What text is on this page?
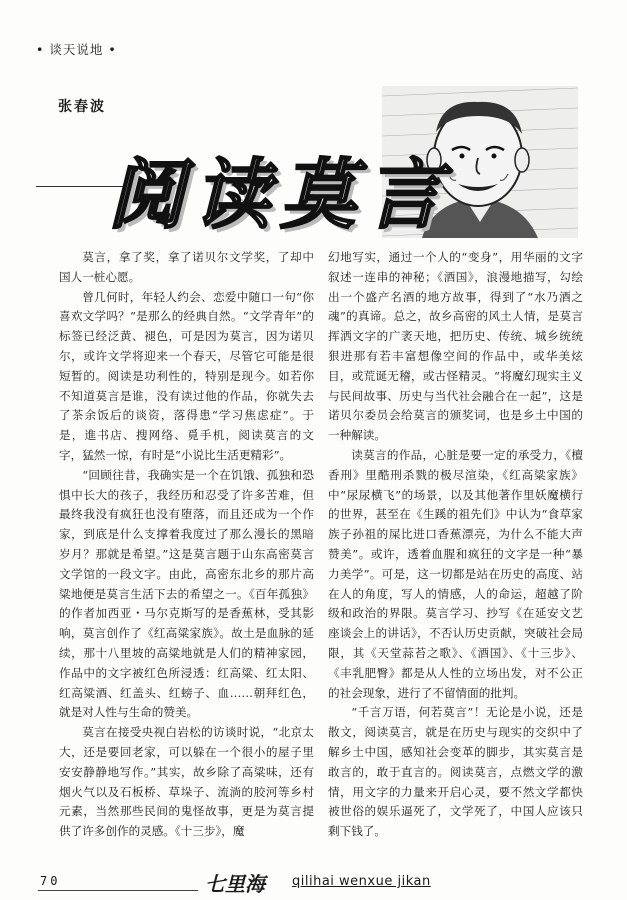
• 谈天说地 •
张春波
阅读莫言

莫言，拿了奖，拿了诺贝尔文学奖，了却中国人一桩心愿。

曾几何时，年轻人约会、恋爱中随口一句“你喜欢文学吗？”是那么的经典自然。“文学青年”的标签已经泛黄、褪色，可是因为莫言，因为诺贝尔，或许文学将迎来一个春天，尽管它可能是很短暂的。阅读是功利性的，特别是现今。如若你不知道莫言是谁，没有读过他的作品，你就失去了茶余饭后的谈资，落得患“学习焦虑症”。于是，進书店、搜网络、覓手机，阅读莫言的文字，猛然一惊，有时是“小说比生活更精彩”。

“回顾往昔，我确实是一个在饥饿、孤独和恐惧中长大的孩子，我经历和忍受了许多苦难，但最终我没有疯狂也没有堕落，而且还成为一个作家，到底是什么支撑着我度过了那么漫长的黑暗岁月？那就是希望。”这是莫言题于山东高密莫言文学馆的一段文字。由此，高密东北乡的那片高粱地便是莫言生活下去的希望之一。《百年孤独》的作者加西亚・马尔克斯写的是香蕉林，受其影响，莫言创作了《红高粱家族》。故土是血脉的延续，那十八里坡的高粱地就是人们的精神家园，作品中的文字被红色所浸透：红高粱、红太阳、红高粱酒、红盖头、红螃子、血……朝拜红色，就是对人性与生命的赞美。

莫言在接受央视白岩松的访谈时说，“北京太大，还是要回老家，可以躲在一个很小的屋子里安安静静地写作。”其实，故乡除了高粱味，还有烟火气以及石板桥、草垛子、流淌的胶河等乡村元素，当然那些民间的鬼怪故事，更是为莫言提供了许多创作的灵感。《十三步》，魔

幻地写实，通过一个人的“变身”，用华丽的文字叙述一连串的神秘；《酒国》，浪漫地描写，勾绘出一个盛产名酒的地方故事，得到了“水乃酒之魂”的真谛。总之，故乡高密的风土人情，是莫言挥洒文字的广袤天地，把历史、传统、城乡统统狠进那有若丰富想像空间的作品中，或华美炫目，或荒诞无稽，或古怪精灵。“将魔幻现实主义与民间故事、历史与当代社会融合在一起”，这是诺贝尔委员会给莫言的颁奖词，也是乡土中国的一种解读。

读莫言的作品，心脏是要一定的承受力，《檀香刑》里酷刑杀戮的极尽渲染，《红高粱家族》中“尿尿横飞”的场景，以及其他著作里妖魔横行的世界，甚至在《生蹊的祖先们》中认为“食草家族子孙祖的屎比进口香蕉漂亮，为什么不能大声赞美”。或许，透着血腥和疯狂的文字是一种“暴力美学”。可是，这一切都是站在历史的高度、站在人的角度，写人的情感，人的命运，超越了阶级和政治的界限。莫言学习、抄写《在延安文艺座谈会上的讲话》，不否认历史贡献，突破社会局限，其《天堂蒜苔之歌》、《酒国》、《十三步》、《丰乳肥臀》都是从人性的立场出发，对不公正的社会现象，进行了不留情面的批判。

“千言万语，何若莫言”！无论是小说，还是散文，阅读莫言，就是在历史与现实的交织中了解乡土中国，感知社会变革的脚步，其实莫言是敢言的，敢于直言的。阅读莫言，点燃文学的激情，用文字的力量来开启心灵，要不然文学都快被世俗的娱乐逼死了，文学死了，中国人应该只剩下钱了。

70	七里海 qilihai wenxue jikan
